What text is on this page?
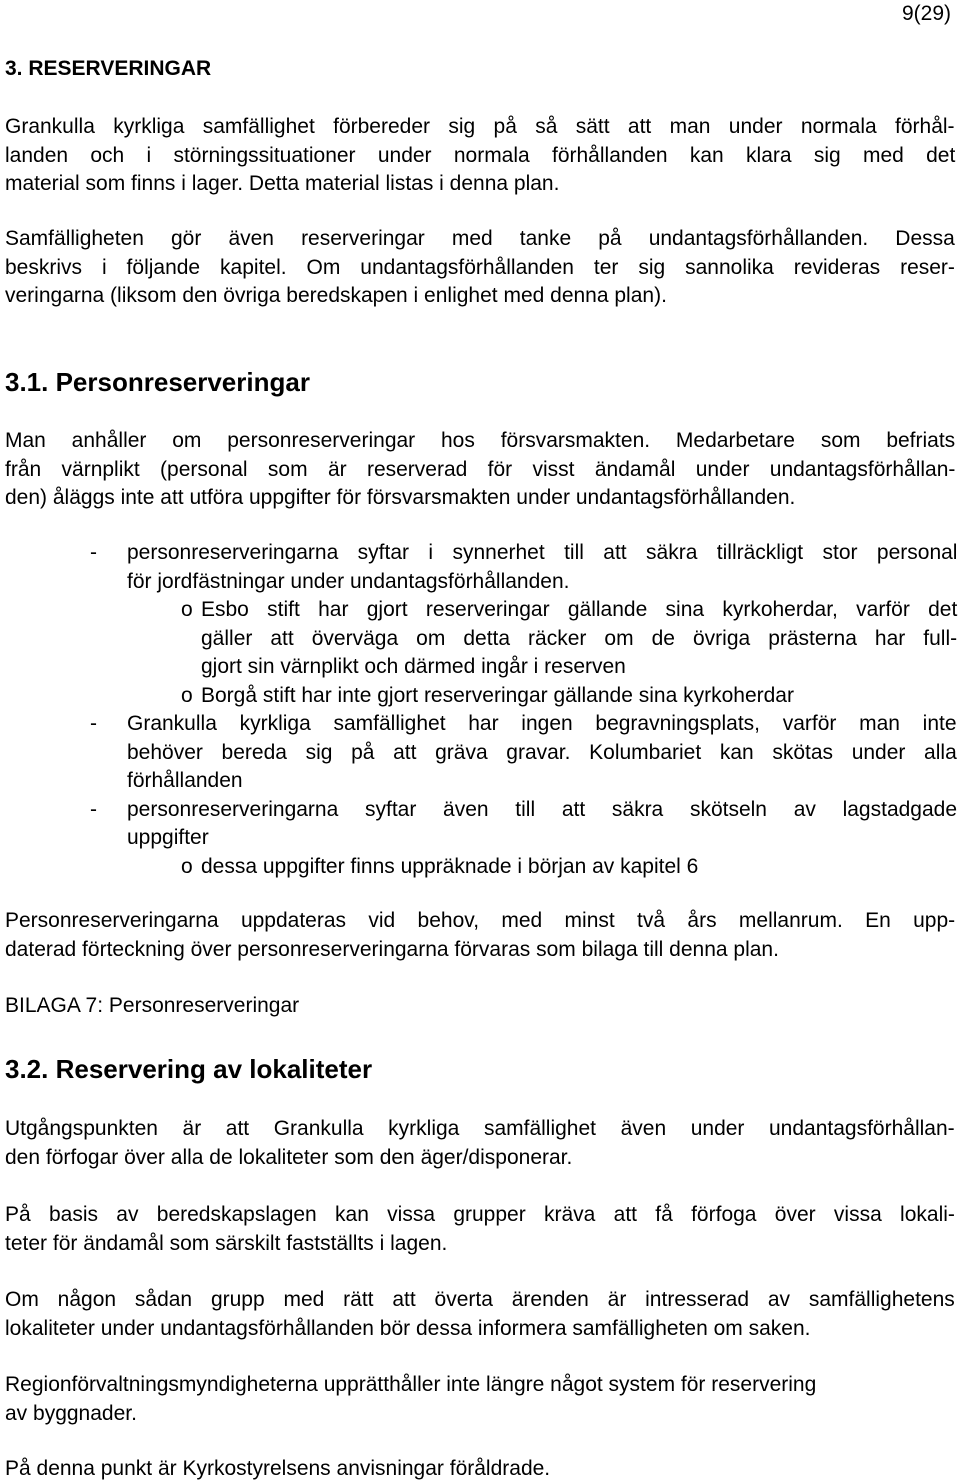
9(29)
3. RESERVERINGAR
Grankulla kyrkliga samfällighet förbereder sig på så sätt att man under normala förhål-
landen och i störningssituationer under normala förhållanden kan klara sig med det
material som finns i lager. Detta material listas i denna plan.
Samfälligheten gör även reserveringar med tanke på undantagsförhållanden. Dessa
beskrivs i följande kapitel. Om undantagsförhållanden ter sig sannolika revideras reser-
veringarna (liksom den övriga beredskapen i enlighet med denna plan).
3.1. Personreserveringar
Man anhåller om personreserveringar hos försvarsmakten. Medarbetare som befriats
från värnplikt (personal som är reserverad för visst ändamål under undantagsförhållan-
den) åläggs inte att utföra uppgifter för försvarsmakten under undantagsförhållanden.
- personreserveringarna syftar i synnerhet till att säkra tillräckligt stor personal
för jordfästningar under undantagsförhållanden.
o Esbo stift har gjort reserveringar gällande sina kyrkoherdar, varför det
gäller att överväga om detta räcker om de övriga prästerna har full-
gjort sin värnplikt och därmed ingår i reserven
o Borgå stift har inte gjort reserveringar gällande sina kyrkoherdar
- Grankulla kyrkliga samfällighet har ingen begravningsplats, varför man inte
behöver bereda sig på att gräva gravar. Kolumbariet kan skötas under alla
förhållanden
- personreserveringarna syftar även till att säkra skötseln av lagstadgade
uppgifter
o dessa uppgifter finns uppräknade i början av kapitel 6
Personreserveringarna uppdateras vid behov, med minst två års mellanrum. En upp-
daterad förteckning över personreserveringarna förvaras som bilaga till denna plan.
BILAGA 7: Personreserveringar
3.2. Reservering av lokaliteter
Utgångspunkten är att Grankulla kyrkliga samfällighet även under undantagsförhållan-
den förfogar över alla de lokaliteter som den äger/disponerar.
På basis av beredskapslagen kan vissa grupper kräva att få förfoga över vissa lokali-
teter för ändamål som särskilt fastställts i lagen.
Om någon sådan grupp med rätt att överta ärenden är intresserad av samfällighetens
lokaliteter under undantagsförhållanden bör dessa informera samfälligheten om saken.
Regionförvaltningsmyndigheterna upprätthåller inte längre något system för reservering
av byggnader.
På denna punkt är Kyrkostyrelsens anvisningar föråldrade.
